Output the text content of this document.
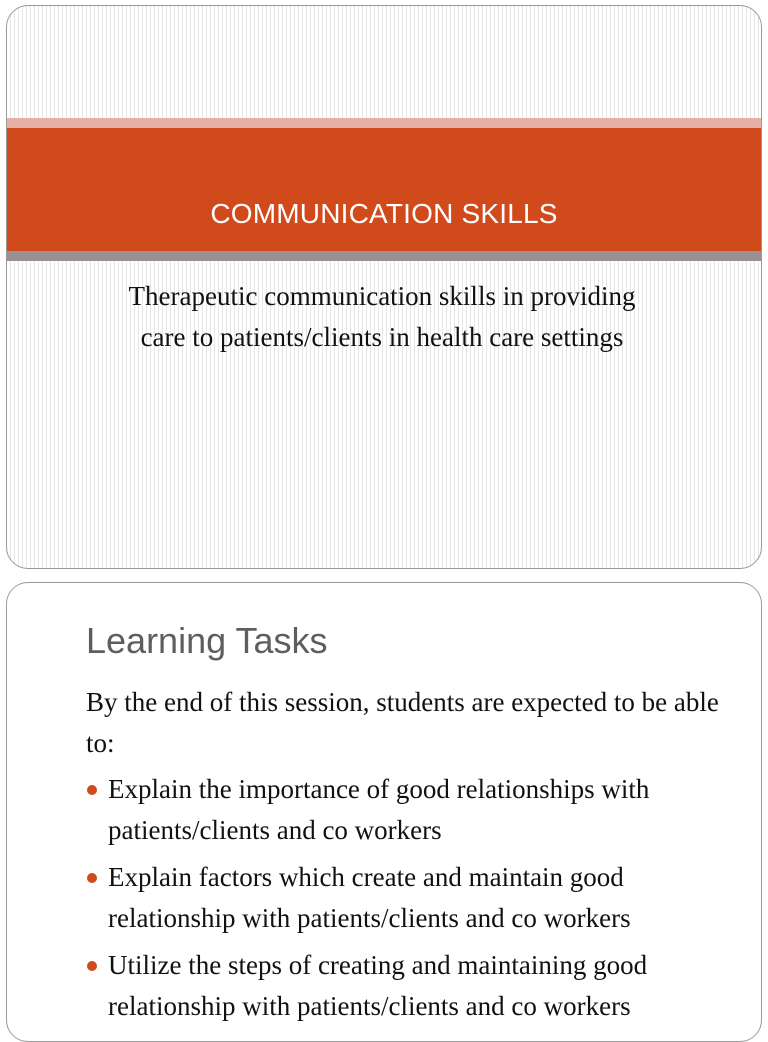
COMMUNICATION SKILLS
Therapeutic communication skills in providing care to patients/clients in health care settings
Learning Tasks
By the end of this session, students are expected to be able to:
Explain the importance of good relationships with patients/clients and co workers
Explain factors which create and maintain good relationship with patients/clients and co workers
Utilize the steps of creating and maintaining good relationship with patients/clients and co workers
